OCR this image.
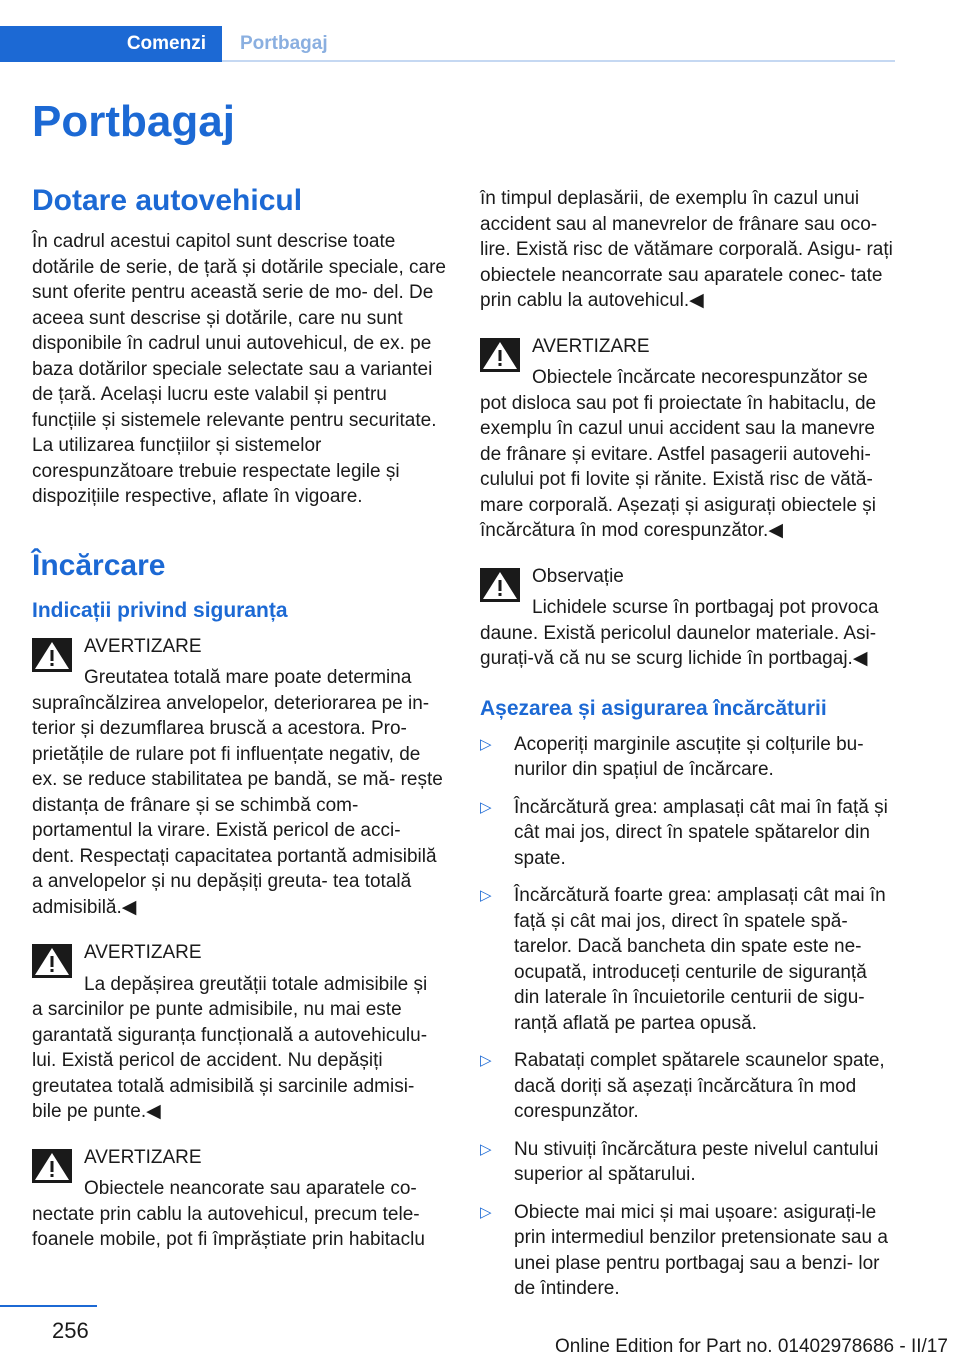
Comenzi	Portbagaj
Portbagaj
Dotare autovehicul

În cadrul acestui capitol sunt descrise toate dotările de serie, de țară și dotările speciale, care sunt oferite pentru această serie de mo‐ del. De aceea sunt descrise și dotările, care nu sunt disponibile în cadrul unui autovehicul, de ex. pe baza dotărilor speciale selectate sau a variantei de țară. Același lucru este valabil și pentru funcțiile și sistemele relevante pentru securitate. La utilizarea funcțiilor și sistemelor corespunzătoare trebuie respectate legile și dispozițiile respective, aflate în vigoare.

Încărcare
Indicații privind siguranța

AVERTIZARE

Greutatea totală mare poate determina

supraîncălzirea anvelopelor, deteriorarea pe in‐ terior și dezumflarea bruscă a acestora. Pro‐ prietățile de rulare pot fi influențate negativ, de ex. se reduce stabilitatea pe bandă, se mă‐ rește distanța de frânare și se schimbă com‐ portamentul la virare. Există pericol de acci‐ dent. Respectați capacitatea portantă admisibilă a anvelopelor și nu depășiți greuta‐ tea totală admisibilă.◀

AVERTIZARE

La depășirea greutății totale admisibile și

a sarcinilor pe punte admisibile, nu mai este garantată siguranța funcțională a autovehiculu‐ lui. Există pericol de accident. Nu depășiți greutatea totală admisibilă și sarcinile admisi‐ bile pe punte.◀

AVERTIZARE

Obiectele neancorate sau aparatele co‐

nectate prin cablu la autovehicul, precum tele‐ foanele mobile, pot fi împrăștiate prin habitaclu

în timpul deplasării, de exemplu în cazul unui accident sau al manevrelor de frânare sau oco‐ lire. Există risc de vătămare corporală. Asigu‐ rați obiectele neancorrate sau aparatele conec‐ tate prin cablu la autovehicul.◀

AVERTIZARE

Obiectele încărcate necorespunzător se

pot disloca sau pot fi proiectate în habitaclu, de exemplu în cazul unui accident sau la manevre de frânare și evitare. Astfel pasagerii autovehi‐ culului pot fi lovite și rănite. Există risc de vătă‐ mare corporală. Așezați și asigurați obiectele și încărcătura în mod corespunzător.◀

Observație

Lichidele scurse în portbagaj pot provoca

daune. Există pericolul daunelor materiale. Asi‐ gurați-vă că nu se scurg lichide în portbagaj.◀

Așezarea și asigurarea încărcăturii
▷ Acoperiți marginile ascuțite și colțurile bu‐ nurilor din spațiul de încărcare.
▷ Încărcătură grea: amplasați cât mai în față și cât mai jos, direct în spatele spătarelor din spate.
▷ Încărcătură foarte grea: amplasați cât mai în față și cât mai jos, direct în spatele spă‐ tarelor. Dacă bancheta din spate este ne‐ ocupată, introduceți centurile de siguranță din laterale în încuietorile centurii de sigu‐ ranță aflată pe partea opusă.
▷ Rabatați complet spătarele scaunelor spate, dacă doriți să așezați încărcătura în mod corespunzător.
▷ Nu stivuiți încărcătura peste nivelul cantului superior al spătarului.
▷ Obiecte mai mici și mai ușoare: asigurați-le prin intermediul benzilor pretensionate sau a unei plase pentru portbagaj sau a benzi‐ lor de întindere.
256
Online Edition for Part no. 01402978686 - II/17
